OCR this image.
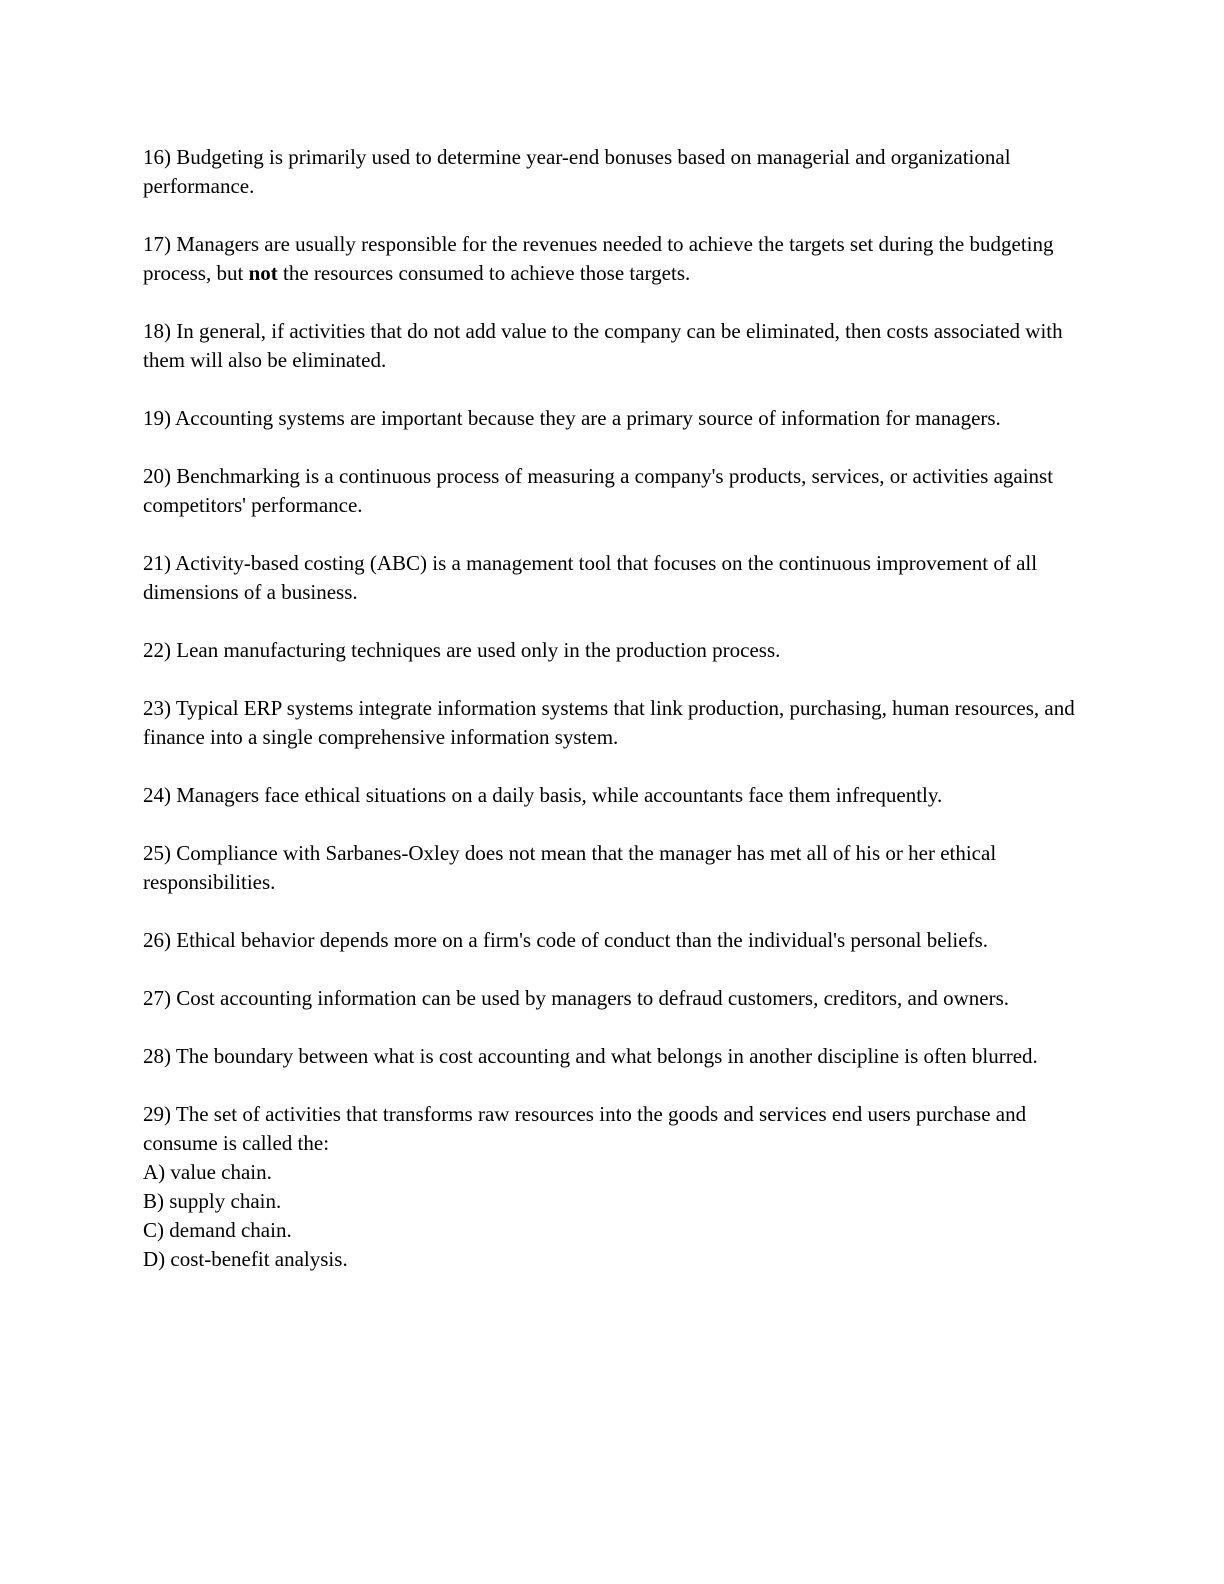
16) Budgeting is primarily used to determine year-end bonuses based on managerial and organizational performance.
17) Managers are usually responsible for the revenues needed to achieve the targets set during the budgeting process, but not the resources consumed to achieve those targets.
18) In general, if activities that do not add value to the company can be eliminated, then costs associated with them will also be eliminated.
19) Accounting systems are important because they are a primary source of information for managers.
20) Benchmarking is a continuous process of measuring a company's products, services, or activities against competitors' performance.
21) Activity-based costing (ABC) is a management tool that focuses on the continuous improvement of all dimensions of a business.
22) Lean manufacturing techniques are used only in the production process.
23) Typical ERP systems integrate information systems that link production, purchasing, human resources, and finance into a single comprehensive information system.
24) Managers face ethical situations on a daily basis, while accountants face them infrequently.
25) Compliance with Sarbanes-Oxley does not mean that the manager has met all of his or her ethical responsibilities.
26) Ethical behavior depends more on a firm's code of conduct than the individual's personal beliefs.
27) Cost accounting information can be used by managers to defraud customers, creditors, and owners.
28) The boundary between what is cost accounting and what belongs in another discipline is often blurred.
29) The set of activities that transforms raw resources into the goods and services end users purchase and consume is called the:
A) value chain.
B) supply chain.
C) demand chain.
D) cost-benefit analysis.
